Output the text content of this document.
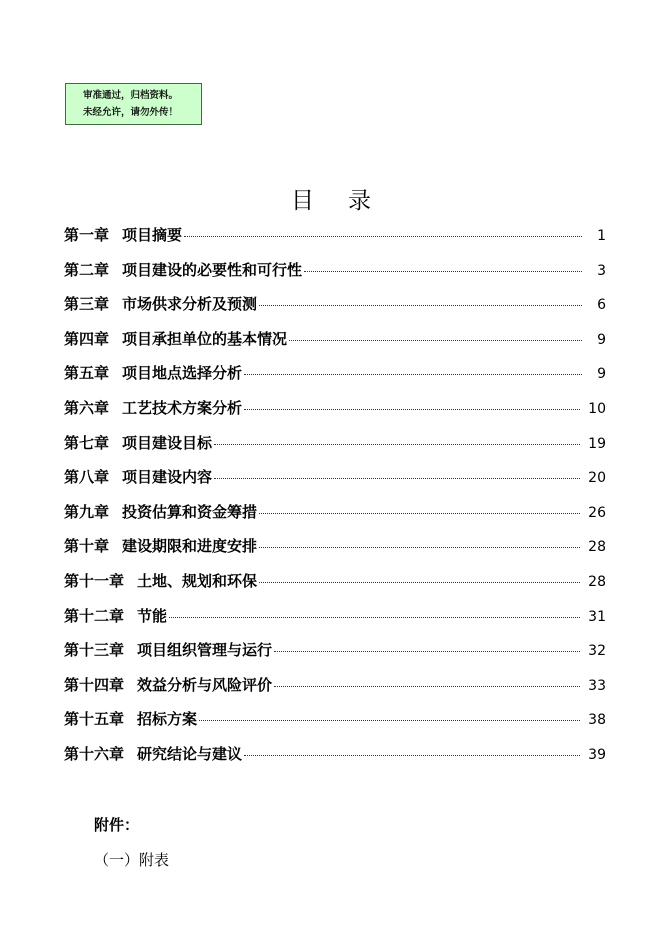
审准通过，归档资料。
未经允许，请勿外传！
目录
第一章 项目摘要	1
第二章 项目建设的必要性和可行性	3
第三章 市场供求分析及预测	6
第四章 项目承担单位的基本情况	9
第五章 项目地点选择分析	9
第六章 工艺技术方案分析	10
第七章 项目建设目标	19
第八章 项目建设内容	20
第九章 投资估算和资金筹措	26
第十章 建设期限和进度安排	28
第十一章 土地、规划和环保	28
第十二章 节能	31
第十三章 项目组织管理与运行	32
第十四章 效益分析与风险评价	33
第十五章 招标方案	38
第十六章 研究结论与建议	39
附件：
（一）附表
